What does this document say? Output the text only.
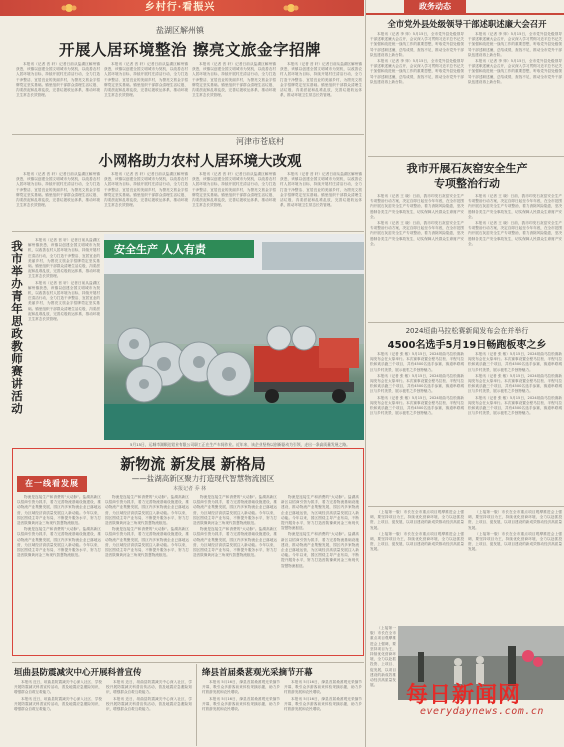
乡村行·看振兴	政务动态
盐湖区解州镇
开展人居环境整治 擦亮文旅金字招牌

本报讯（记者 晋 轩）记者日前从盐湖区解州镇获悉，该镇以创建全国文明城市为契机，以改善农村人居环境为目标，持续开展村庄清洁行动，全力打造干净整洁、宜居宜业的美丽乡村，为擦亮文旅金字招牌奠定坚实基础。镇里组织干部群众清理生活垃圾、沟渠淤泥和乱堆乱放，完善垃圾收运体系，推动环境卫生常态长效管理。

本报讯（记者 晋 轩）记者日前从盐湖区解州镇获悉，该镇以创建全国文明城市为契机，以改善农村人居环境为目标，持续开展村庄清洁行动，全力打造干净整洁、宜居宜业的美丽乡村，为擦亮文旅金字招牌奠定坚实基础。镇里组织干部群众清理生活垃圾、沟渠淤泥和乱堆乱放，完善垃圾收运体系，推动环境卫生常态长效管理。

本报讯（记者 晋 轩）记者日前从盐湖区解州镇获悉，该镇以创建全国文明城市为契机，以改善农村人居环境为目标，持续开展村庄清洁行动，全力打造干净整洁、宜居宜业的美丽乡村，为擦亮文旅金字招牌奠定坚实基础。镇里组织干部群众清理生活垃圾、沟渠淤泥和乱堆乱放，完善垃圾收运体系，推动环境卫生常态长效管理。

本报讯（记者 晋 轩）记者日前从盐湖区解州镇获悉，该镇以创建全国文明城市为契机，以改善农村人居环境为目标，持续开展村庄清洁行动，全力打造干净整洁、宜居宜业的美丽乡村，为擦亮文旅金字招牌奠定坚实基础。镇里组织干部群众清理生活垃圾、沟渠淤泥和乱堆乱放，完善垃圾收运体系，推动环境卫生常态长效管理。

河津市苍底村
小网格助力农村人居环境大改观

本报讯（记者 晋 轩）记者日前从盐湖区解州镇获悉，该镇以创建全国文明城市为契机，以改善农村人居环境为目标，持续开展村庄清洁行动，全力打造干净整洁、宜居宜业的美丽乡村，为擦亮文旅金字招牌奠定坚实基础。镇里组织干部群众清理生活垃圾、沟渠淤泥和乱堆乱放，完善垃圾收运体系，推动环境卫生常态长效管理。

本报讯（记者 晋 轩）记者日前从盐湖区解州镇获悉，该镇以创建全国文明城市为契机，以改善农村人居环境为目标，持续开展村庄清洁行动，全力打造干净整洁、宜居宜业的美丽乡村，为擦亮文旅金字招牌奠定坚实基础。镇里组织干部群众清理生活垃圾、沟渠淤泥和乱堆乱放，完善垃圾收运体系，推动环境卫生常态长效管理。

本报讯（记者 晋 轩）记者日前从盐湖区解州镇获悉，该镇以创建全国文明城市为契机，以改善农村人居环境为目标，持续开展村庄清洁行动，全力打造干净整洁、宜居宜业的美丽乡村，为擦亮文旅金字招牌奠定坚实基础。镇里组织干部群众清理生活垃圾、沟渠淤泥和乱堆乱放，完善垃圾收运体系，推动环境卫生常态长效管理。

本报讯（记者 晋 轩）记者日前从盐湖区解州镇获悉，该镇以创建全国文明城市为契机，以改善农村人居环境为目标，持续开展村庄清洁行动，全力打造干净整洁、宜居宜业的美丽乡村，为擦亮文旅金字招牌奠定坚实基础。镇里组织干部群众清理生活垃圾、沟渠淤泥和乱堆乱放，完善垃圾收运体系，推动环境卫生常态长效管理。

我市举办青年思政教师赛讲活动	本报讯（记者 晋 轩）记者日前从盐湖区解州镇获悉，该镇以创建全国文明城市为契机，以改善农村人居环境为目标，持续开展村庄清洁行动，全力打造干净整洁、宜居宜业的美丽乡村，为擦亮文旅金字招牌奠定坚实基础。镇里组织干部群众清理生活垃圾、沟渠淤泥和乱堆乱放，完善垃圾收运体系，推动环境卫生常态长效管理。

本报讯（记者 晋 轩）记者日前从盐湖区解州镇获悉，该镇以创建全国文明城市为契机，以改善农村人居环境为目标，持续开展村庄清洁行动，全力打造干净整洁、宜居宜业的美丽乡村，为擦亮文旅金字招牌奠定坚实基础。镇里组织干部群众清理生活垃圾、沟渠淤泥和乱堆乱放，完善垃圾收运体系，推动环境卫生常态长效管理。

安全生产 人人有责
5月15日，运城市湖顺达铝业有限公司职工正在生产车间作业。近年来，该企业坚持以创新驱动为引领，走出一条高质量发展之路。
新物流 新发展 新格局
——盐湖高新区聚力打造现代智慧物流园区
本报记者 乔 林
在一线看发展

物流是连接生产和消费的"大动脉"。盐湖高新区以招商引资为抓手，着力完善物流基础设施建设，推动物流产业集聚发展，园区内多家物流企业已落地运营，为区域经济高质量发展注入新动能。今年以来，园区围绕主导产业布局，不断提升服务水平，努力打造晋陕豫黄河金三角现代智慧物流枢纽。

物流是连接生产和消费的"大动脉"。盐湖高新区以招商引资为抓手，着力完善物流基础设施建设，推动物流产业集聚发展，园区内多家物流企业已落地运营，为区域经济高质量发展注入新动能。今年以来，园区围绕主导产业布局，不断提升服务水平，努力打造晋陕豫黄河金三角现代智慧物流枢纽。

物流是连接生产和消费的"大动脉"。盐湖高新区以招商引资为抓手，着力完善物流基础设施建设，推动物流产业集聚发展，园区内多家物流企业已落地运营，为区域经济高质量发展注入新动能。今年以来，园区围绕主导产业布局，不断提升服务水平，努力打造晋陕豫黄河金三角现代智慧物流枢纽。

物流是连接生产和消费的"大动脉"。盐湖高新区以招商引资为抓手，着力完善物流基础设施建设，推动物流产业集聚发展，园区内多家物流企业已落地运营，为区域经济高质量发展注入新动能。今年以来，园区围绕主导产业布局，不断提升服务水平，努力打造晋陕豫黄河金三角现代智慧物流枢纽。

物流是连接生产和消费的"大动脉"。盐湖高新区以招商引资为抓手，着力完善物流基础设施建设，推动物流产业集聚发展，园区内多家物流企业已落地运营，为区域经济高质量发展注入新动能。今年以来，园区围绕主导产业布局，不断提升服务水平，努力打造晋陕豫黄河金三角现代智慧物流枢纽。

物流是连接生产和消费的"大动脉"。盐湖高新区以招商引资为抓手，着力完善物流基础设施建设，推动物流产业集聚发展，园区内多家物流企业已落地运营，为区域经济高质量发展注入新动能。今年以来，园区围绕主导产业布局，不断提升服务水平，努力打造晋陕豫黄河金三角现代智慧物流枢纽。

物流是连接生产和消费的"大动脉"。盐湖高新区以招商引资为抓手，着力完善物流基础设施建设，推动物流产业集聚发展，园区内多家物流企业已落地运营，为区域经济高质量发展注入新动能。今年以来，园区围绕主导产业布局，不断提升服务水平，努力打造晋陕豫黄河金三角现代智慧物流枢纽。

物流是连接生产和消费的"大动脉"。盐湖高新区以招商引资为抓手，着力完善物流基础设施建设，推动物流产业集聚发展，园区内多家物流企业已落地运营，为区域经济高质量发展注入新动能。今年以来，园区围绕主导产业布局，不断提升服务水平，努力打造晋陕豫黄河金三角现代智慧物流枢纽。

垣曲县防震减灾中心开展科普宣传

本报讯 近日，垣曲县防震减灾中心深入社区、学校开展防震减灾科普宣传活动，普及地震应急避险知识，增强群众自救互救能力。

本报讯 近日，垣曲县防震减灾中心深入社区、学校开展防震减灾科普宣传活动，普及地震应急避险知识，增强群众自救互救能力。

本报讯 近日，垣曲县防震减灾中心深入社区、学校开展防震减灾科普宣传活动，普及地震应急避险知识，增强群众自救互救能力。

本报讯 近日，垣曲县防震减灾中心深入社区、学校开展防震减灾科普宣传活动，普及地震应急避险知识，增强群众自救互救能力。

绛县首届桑葚观光采摘节开幕

本报讯 5月16日，绛县首届桑葚观光采摘节开幕，吸引众多游客前来体验采摘乐趣，助力乡村旅游发展和农民增收。

本报讯 5月16日，绛县首届桑葚观光采摘节开幕，吸引众多游客前来体验采摘乐趣，助力乡村旅游发展和农民增收。

本报讯 5月16日，绛县首届桑葚观光采摘节开幕，吸引众多游客前来体验采摘乐趣，助力乡村旅游发展和农民增收。

本报讯 5月16日，绛县首届桑葚观光采摘节开幕，吸引众多游客前来体验采摘乐趣，助力乡村旅游发展和农民增收。

全市党外县处级领导干部述职述廉大会召开

本报讯（记者 李 帅）5月15日，全市党外县处级领导干部述职述廉大会召开，会议深入学习贯彻习近平总书记关于加强和改进统一战线工作的重要思想，听取党外县处级领导干部述职述廉，总结成绩，查找不足，推动全市党外干部队伍建设再上新台阶。

本报讯（记者 李 帅）5月15日，全市党外县处级领导干部述职述廉大会召开，会议深入学习贯彻习近平总书记关于加强和改进统一战线工作的重要思想，听取党外县处级领导干部述职述廉，总结成绩，查找不足，推动全市党外干部队伍建设再上新台阶。

本报讯（记者 李 帅）5月15日，全市党外县处级领导干部述职述廉大会召开，会议深入学习贯彻习近平总书记关于加强和改进统一战线工作的重要思想，听取党外县处级领导干部述职述廉，总结成绩，查找不足，推动全市党外干部队伍建设再上新台阶。

本报讯（记者 李 帅）5月15日，全市党外县处级领导干部述职述廉大会召开，会议深入学习贯彻习近平总书记关于加强和改进统一战线工作的重要思想，听取党外县处级领导干部述职述廉，总结成绩，查找不足，推动全市党外干部队伍建设再上新台阶。

我市开展石灰窑安全生产
专项整治行动

本报讯（记者 王 晓）日前，我市印发石灰窑安全生产专项整治行动方案，决定自即日起至今年年底，在全市范围内开展石灰窑安全生产专项整治，着力消除风险隐患，坚决遏制各类生产安全事故发生，切实保障人民群众生命财产安全。

本报讯（记者 王 晓）日前，我市印发石灰窑安全生产专项整治行动方案，决定自即日起至今年年底，在全市范围内开展石灰窑安全生产专项整治，着力消除风险隐患，坚决遏制各类生产安全事故发生，切实保障人民群众生命财产安全。

本报讯（记者 王 晓）日前，我市印发石灰窑安全生产专项整治行动方案，决定自即日起至今年年底，在全市范围内开展石灰窑安全生产专项整治，着力消除风险隐患，坚决遏制各类生产安全事故发生，切实保障人民群众生命财产安全。

本报讯（记者 王 晓）日前，我市印发石灰窑安全生产专项整治行动方案，决定自即日起至今年年底，在全市范围内开展石灰窑安全生产专项整治，着力消除风险隐患，坚决遏制各类生产安全事故发生，切实保障人民群众生命财产安全。

2024垣曲马拉松赛新闻发布会在并举行
4500名选手5月19日畅跑板枣之乡

本报讯（记者 张 敏）5月15日，2024垣曲马拉松赛新闻发布会在太原举行。本次赛事设置全程马拉松、半程马拉松和欢乐跑三个项目，共有4500名选手参赛，赛道串联城区与乡村美景，展示板枣之乡独特魅力。

本报讯（记者 张 敏）5月15日，2024垣曲马拉松赛新闻发布会在太原举行。本次赛事设置全程马拉松、半程马拉松和欢乐跑三个项目，共有4500名选手参赛，赛道串联城区与乡村美景，展示板枣之乡独特魅力。

本报讯（记者 张 敏）5月15日，2024垣曲马拉松赛新闻发布会在太原举行。本次赛事设置全程马拉松、半程马拉松和欢乐跑三个项目，共有4500名选手参赛，赛道串联城区与乡村美景，展示板枣之乡独特魅力。

本报讯（记者 张 敏）5月15日，2024垣曲马拉松赛新闻发布会在太原举行。本次赛事设置全程马拉松、半程马拉松和欢乐跑三个项目，共有4500名选手参赛，赛道串联城区与乡村美景，展示板枣之乡独特魅力。

本报讯（记者 张 敏）5月15日，2024垣曲马拉松赛新闻发布会在太原举行。本次赛事设置全程马拉松、半程马拉松和欢乐跑三个项目，共有4500名选手参赛，赛道串联城区与乡村美景，展示板枣之乡独特魅力。

本报讯（记者 张 敏）5月15日，2024垣曲马拉松赛新闻发布会在太原举行。本次赛事设置全程马拉松、半程马拉松和欢乐跑三个项目，共有4500名选手参赛，赛道串联城区与乡村美景，展示板枣之乡独特魅力。

（上接第一版）市长在全市重点项目观摩推进会上强调，要坚持项目为王，持续优化营商环境，全力以赴抓投资、上项目、促发展，以项目建设的新成效推动经济高质量发展。

（上接第一版）市长在全市重点项目观摩推进会上强调，要坚持项目为王，持续优化营商环境，全力以赴抓投资、上项目、促发展，以项目建设的新成效推动经济高质量发展。

（上接第一版）市长在全市重点项目观摩推进会上强调，要坚持项目为王，持续优化营商环境，全力以赴抓投资、上项目、促发展，以项目建设的新成效推动经济高质量发展。

（上接第一版）市长在全市重点项目观摩推进会上强调，要坚持项目为王，持续优化营商环境，全力以赴抓投资、上项目、促发展，以项目建设的新成效推动经济高质量发展。

（上接第一版）市长在全市重点项目观摩推进会上强调，要坚持项目为王，持续优化营商环境，全力以赴抓投资、上项目、促发展，以项目建设的新成效推动经济高质量发展。	每日新闻网
everydaynews.com.cn
